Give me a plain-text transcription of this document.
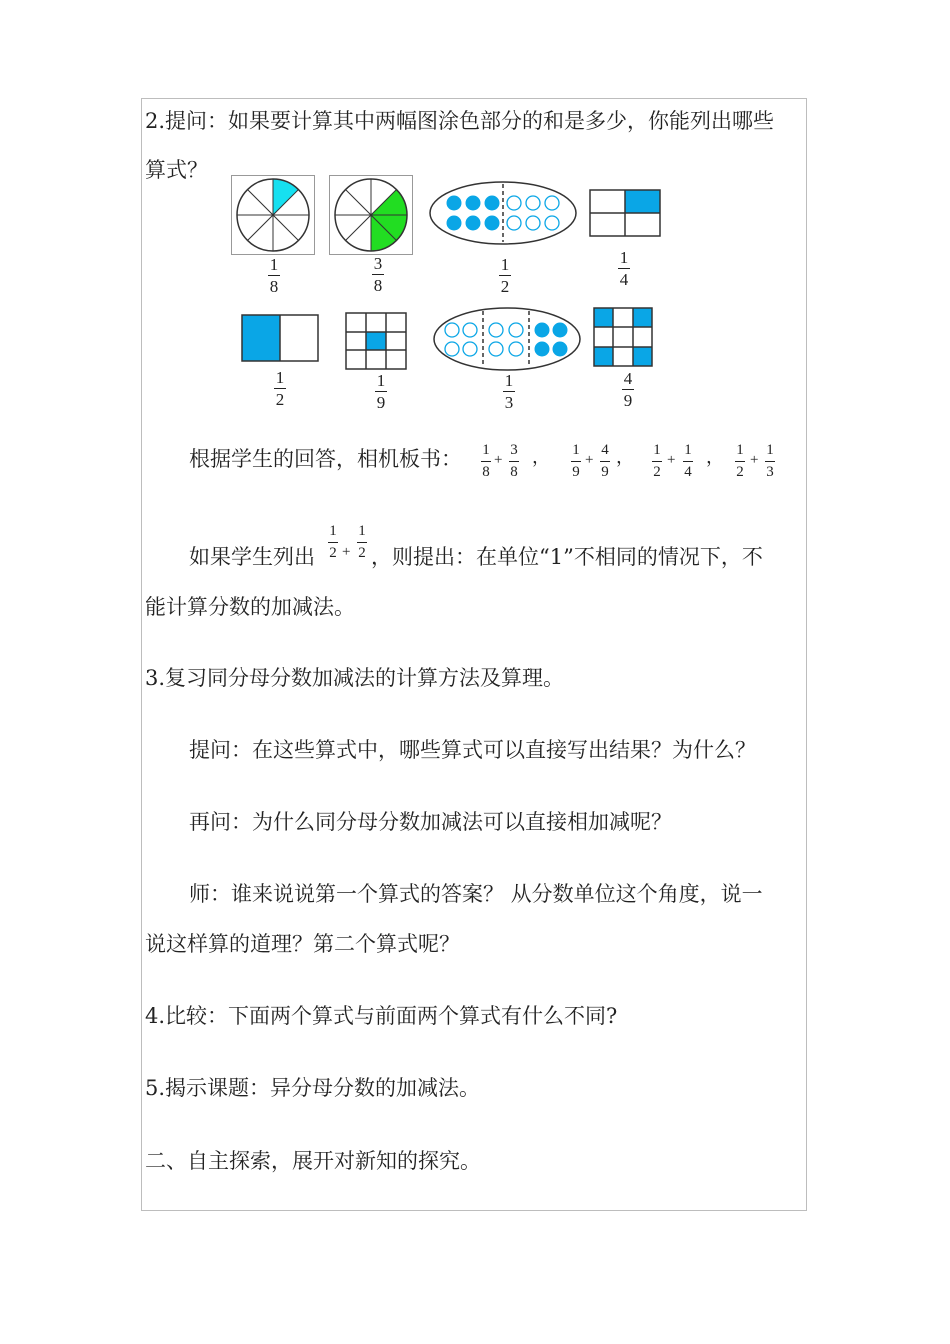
2.提问：如果要计算其中两幅图涂色部分的和是多少，你能列出哪些
算式？
1
8
3
8
1
2
1
4
1
2
1
9
1
3
4
9
根据学生的回答，相机板书： 1
8
+
3
8
， 1
9
+
4
9
， 1
2
+
1
4
， 1
2
+
1
3
如果学生列出
1
2 +
1
2 ，则提出：在单位“1”不相同的情况下，不
能计算分数的加减法。
3.复习同分母分数加减法的计算方法及算理。
提问：在这些算式中，哪些算式可以直接写出结果？为什么？
再问：为什么同分母分数加减法可以直接相加减呢？
师：谁来说说第一个算式的答案？ 从分数单位这个角度，说一
说这样算的道理？第二个算式呢？
4.比较：下面两个算式与前面两个算式有什么不同?
5.揭示课题：异分母分数的加减法。
二、自主探索，展开对新知的探究。
